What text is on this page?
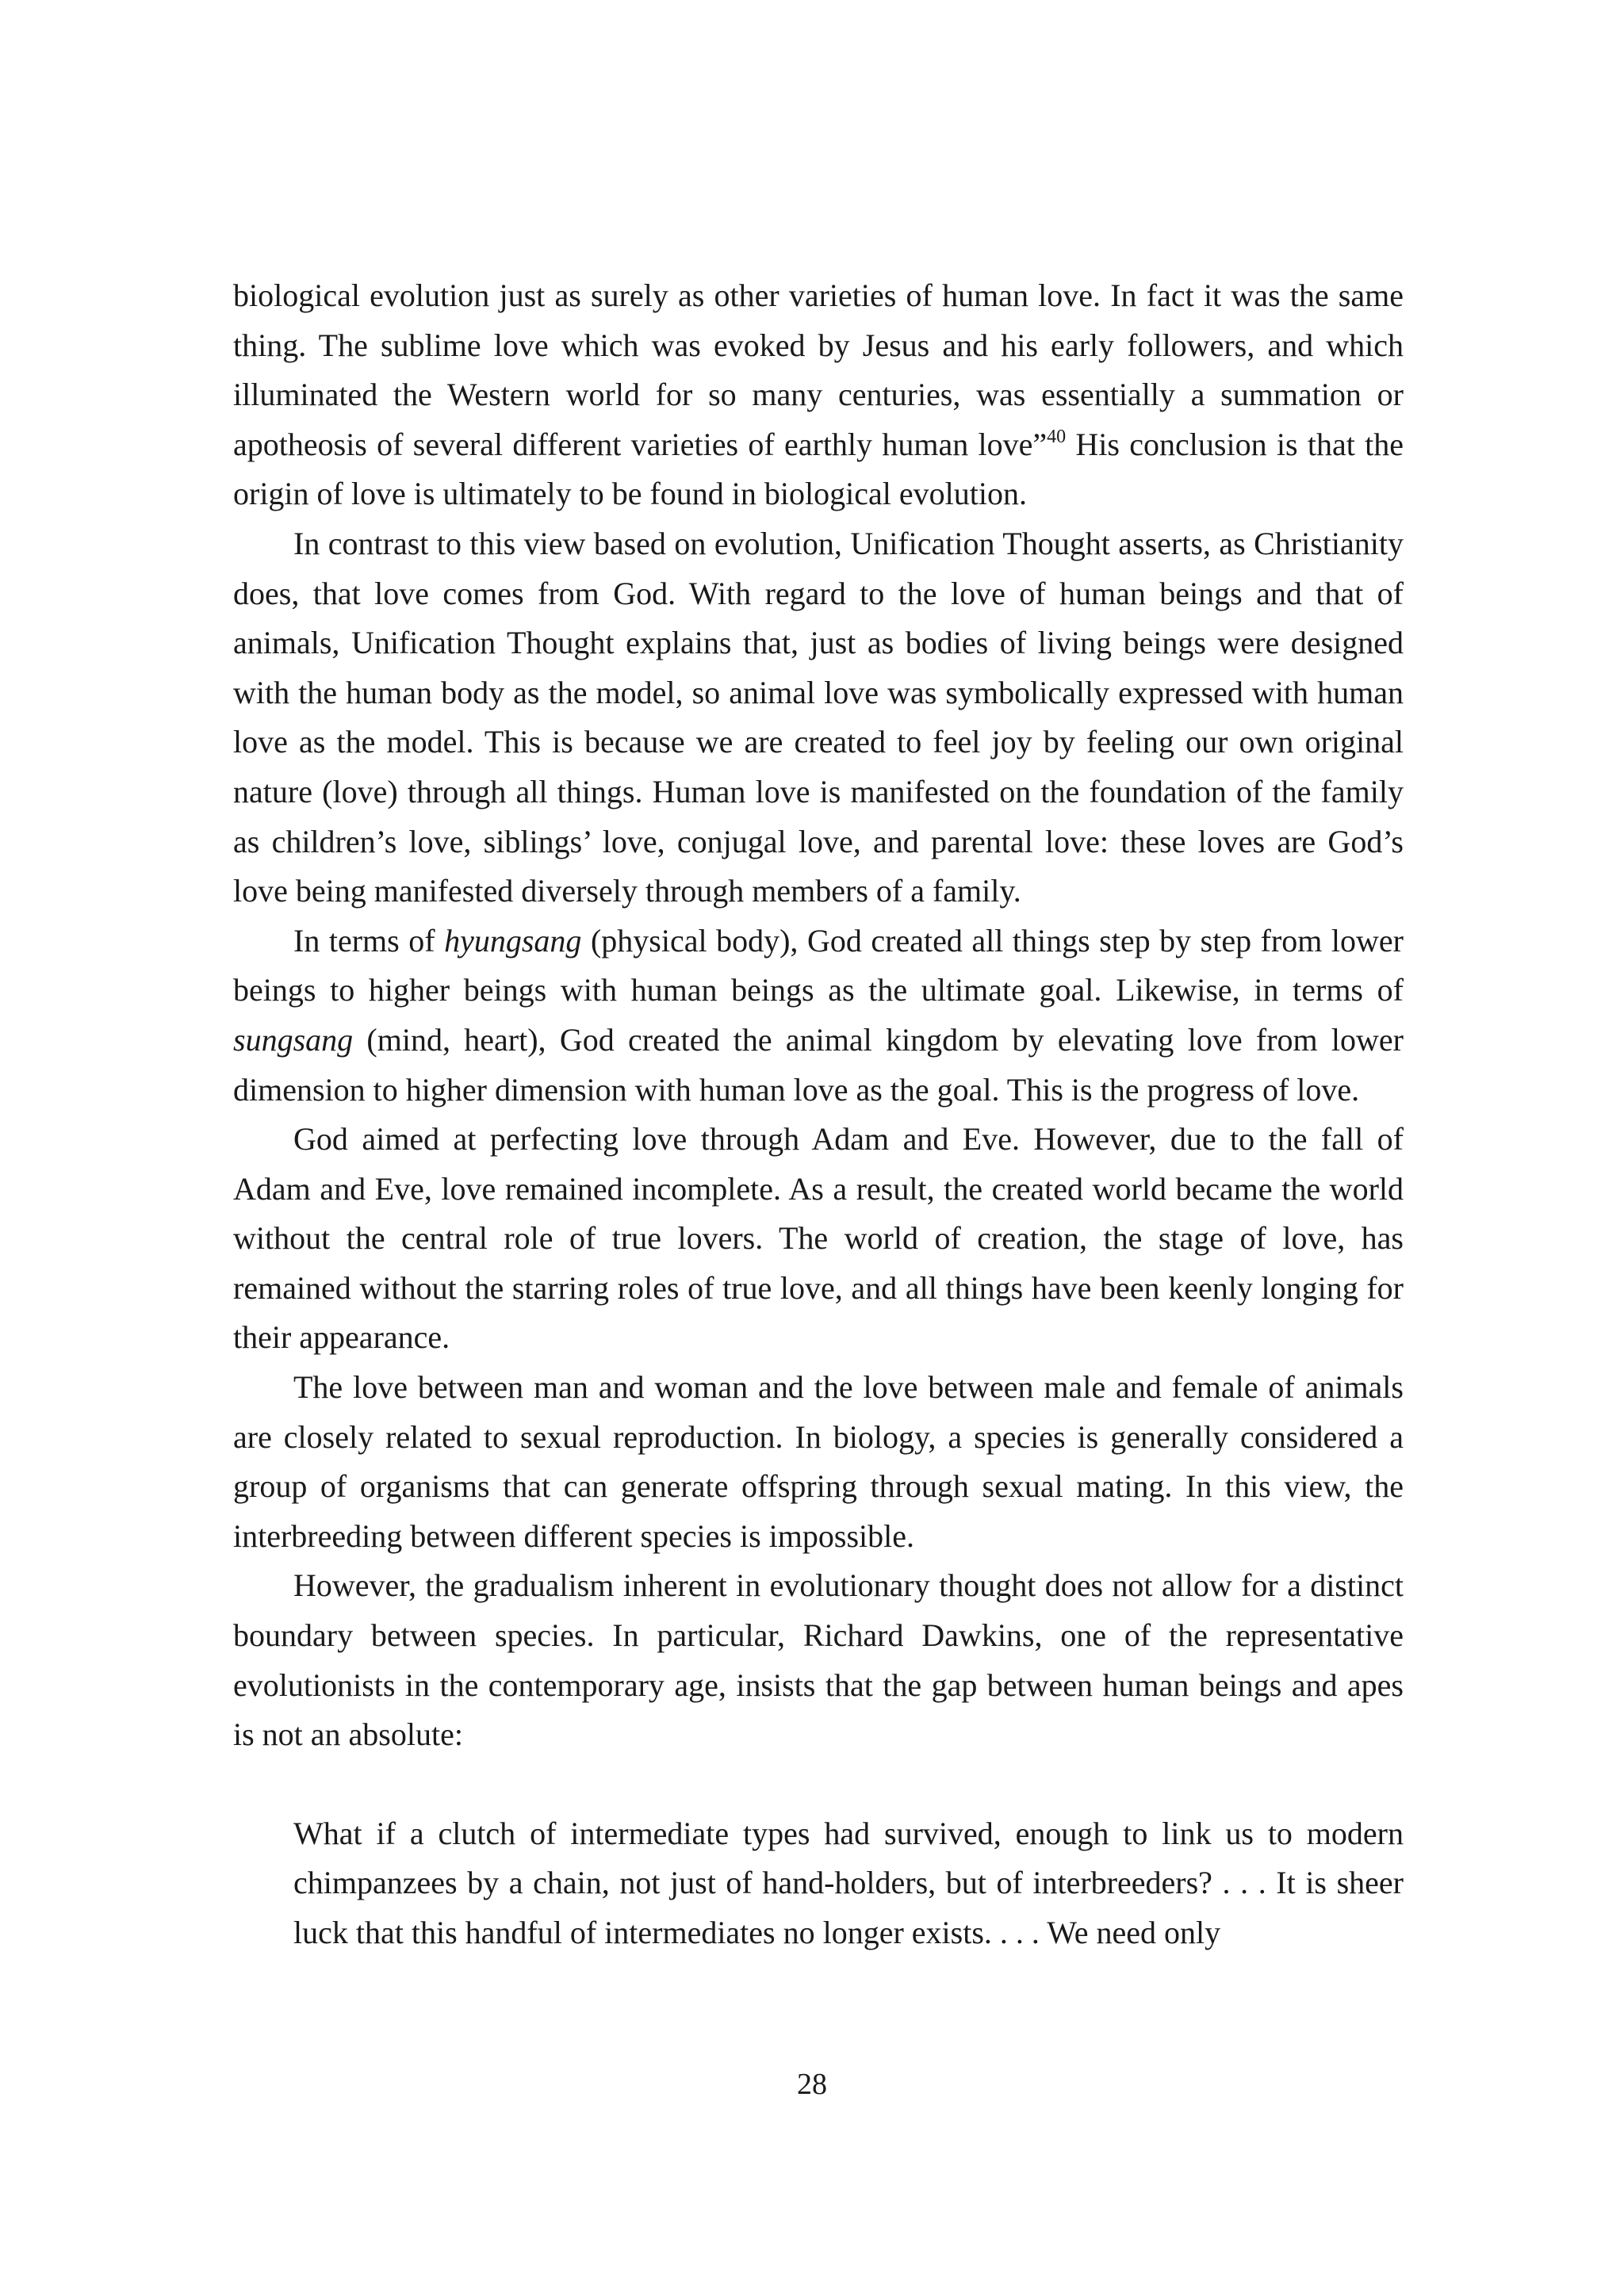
biological evolution just as surely as other varieties of human love. In fact it was the same thing. The sublime love which was evoked by Jesus and his early followers, and which illuminated the Western world for so many centuries, was essentially a summation or apotheosis of several different varieties of earthly human love”$^{40}$ His conclusion is that the origin of love is ultimately to be found in biological evolution.

In contrast to this view based on evolution, Unification Thought asserts, as Christianity does, that love comes from God. With regard to the love of human beings and that of animals, Unification Thought explains that, just as bodies of living beings were designed with the human body as the model, so animal love was symbolically expressed with human love as the model. This is because we are created to feel joy by feeling our own original nature (love) through all things. Human love is manifested on the foundation of the family as children’s love, siblings’ love, conjugal love, and parental love: these loves are God’s love being manifested diversely through members of a family.

In terms of hyungsang (physical body), God created all things step by step from lower beings to higher beings with human beings as the ultimate goal. Likewise, in terms of sungsang (mind, heart), God created the animal kingdom by elevating love from lower dimension to higher dimension with human love as the goal. This is the progress of love.

God aimed at perfecting love through Adam and Eve. However, due to the fall of Adam and Eve, love remained incomplete. As a result, the created world became the world without the central role of true lovers. The world of creation, the stage of love, has remained without the starring roles of true love, and all things have been keenly longing for their appearance.

The love between man and woman and the love between male and female of animals are closely related to sexual reproduction. In biology, a species is generally considered a group of organisms that can generate offspring through sexual mating. In this view, the interbreeding between different species is impossible.

However, the gradualism inherent in evolutionary thought does not allow for a distinct boundary between species. In particular, Richard Dawkins, one of the representative evolutionists in the contemporary age, insists that the gap between human beings and apes is not an absolute:

What if a clutch of intermediate types had survived, enough to link us to modern chimpanzees by a chain, not just of hand-holders, but of interbreeders? . . . It is sheer luck that this handful of intermediates no longer exists. . . . We need only

28
